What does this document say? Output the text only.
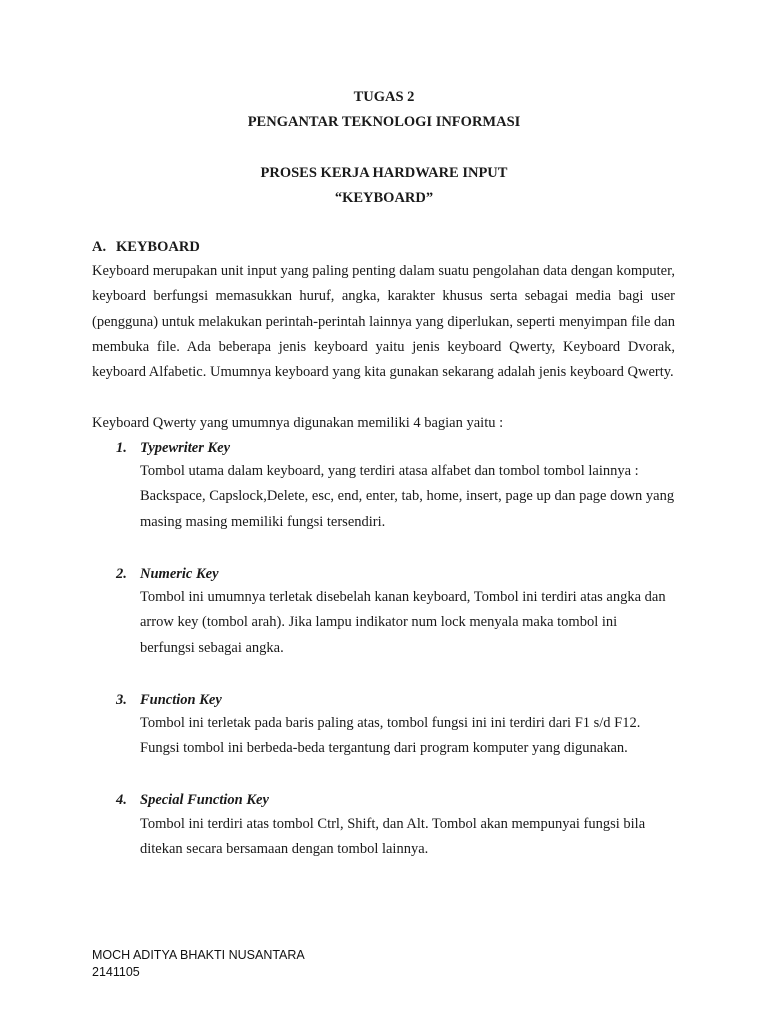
TUGAS 2
PENGANTAR TEKNOLOGI INFORMASI
PROSES KERJA HARDWARE INPUT
“KEYBOARD”
A. KEYBOARD
Keyboard merupakan unit input yang paling penting dalam suatu pengolahan data dengan komputer, keyboard berfungsi memasukkan huruf, angka, karakter khusus serta sebagai media bagi user (pengguna) untuk melakukan perintah-perintah lainnya yang diperlukan, seperti menyimpan file dan membuka file. Ada beberapa jenis keyboard yaitu jenis keyboard Qwerty, Keyboard Dvorak, keyboard Alfabetic. Umumnya keyboard yang kita gunakan sekarang adalah jenis keyboard Qwerty.
Keyboard Qwerty yang umumnya digunakan memiliki 4 bagian yaitu :
1. Typewriter Key
Tombol utama dalam keyboard, yang terdiri atasa alfabet dan tombol tombol lainnya : Backspace, Capslock,Delete, esc, end, enter, tab, home, insert, page up dan page down yang masing masing memiliki fungsi tersendiri.
2. Numeric Key
Tombol ini umumnya terletak disebelah kanan keyboard, Tombol ini terdiri atas angka dan arrow key (tombol arah). Jika lampu indikator num lock menyala maka tombol ini berfungsi sebagai angka.
3. Function Key
Tombol ini terletak pada baris paling atas, tombol fungsi ini ini terdiri dari F1 s/d F12. Fungsi tombol ini berbeda-beda tergantung dari program komputer yang digunakan.
4. Special Function Key
Tombol ini terdiri atas tombol Ctrl, Shift, dan Alt. Tombol akan mempunyai fungsi bila ditekan secara bersamaan dengan tombol lainnya.
MOCH ADITYA BHAKTI NUSANTARA
2141105
